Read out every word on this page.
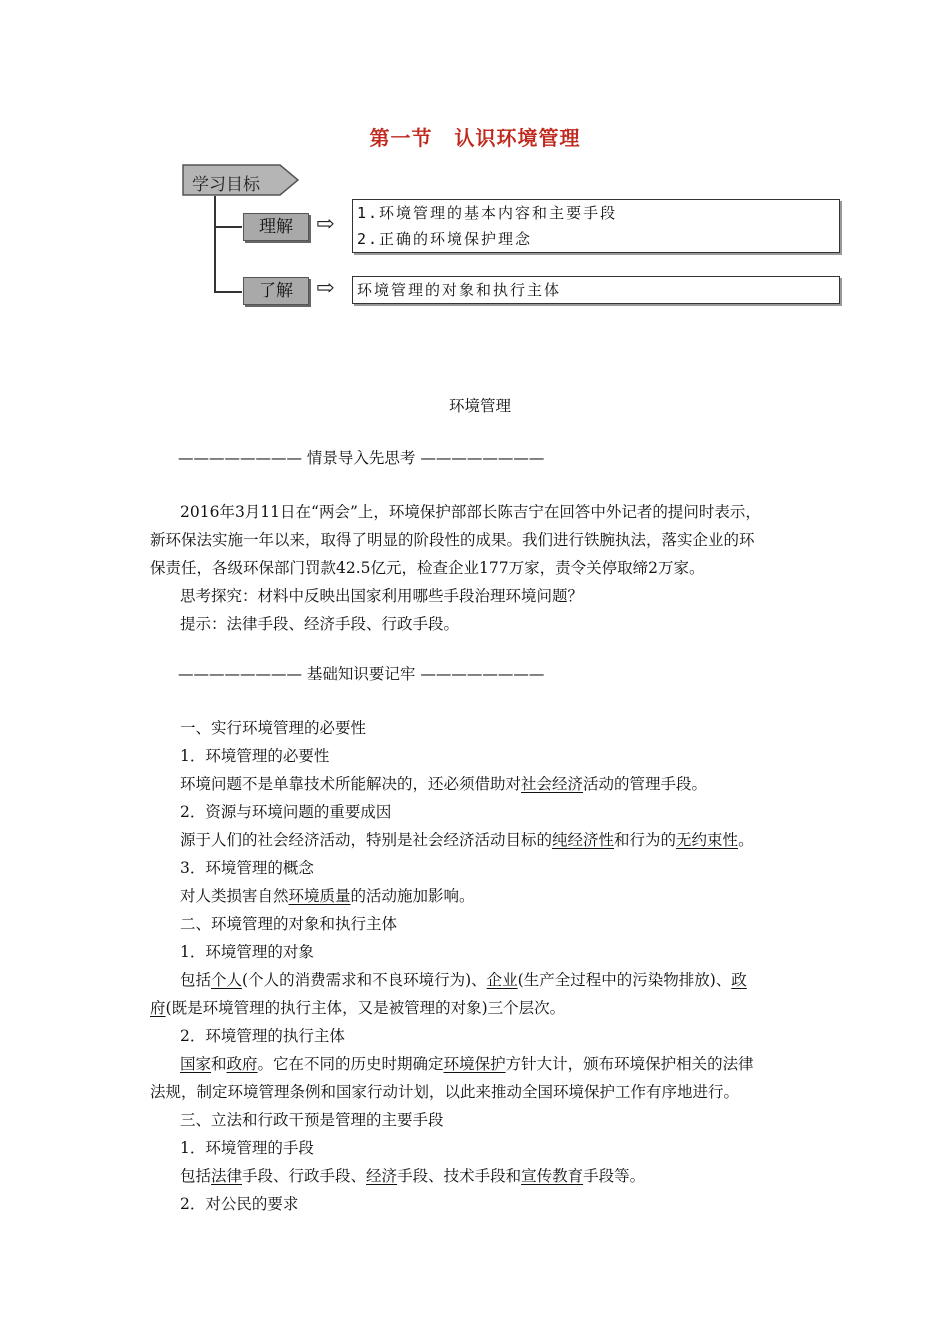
第一节 认识环境管理
学习目标
理解	⇨ 1.环境管理的基本内容和主要手段
2.正确的环境保护理念
了解	⇨ 环境管理的对象和执行主体
环境管理
———————— 情景导入先思考 ————————
2016年3月11日在“两会”上，环境保护部部长陈吉宁在回答中外记者的提问时表示，
新环保法实施一年以来，取得了明显的阶段性的成果。我们进行铁腕执法，落实企业的环
保责任，各级环保部门罚款42.5亿元，检查企业177万家，责令关停取缔2万家。
思考探究：材料中反映出国家利用哪些手段治理环境问题？
提示：法律手段、经济手段、行政手段。
———————— 基础知识要记牢 ————————
一、实行环境管理的必要性
1．环境管理的必要性
环境问题不是单靠技术所能解决的，还必须借助对社会经济活动的管理手段。
2．资源与环境问题的重要成因
源于人们的社会经济活动，特别是社会经济活动目标的纯经济性和行为的无约束性。
3．环境管理的概念
对人类损害自然环境质量的活动施加影响。
二、环境管理的对象和执行主体
1．环境管理的对象
包括个人(个人的消费需求和不良环境行为)、企业(生产全过程中的污染物排放)、政
府(既是环境管理的执行主体，又是被管理的对象)三个层次。
2．环境管理的执行主体
国家和政府。它在不同的历史时期确定环境保护方针大计，颁布环境保护相关的法律
法规，制定环境管理条例和国家行动计划，以此来推动全国环境保护工作有序地进行。
三、立法和行政干预是管理的主要手段
1．环境管理的手段
包括法律手段、行政手段、经济手段、技术手段和宣传教育手段等。
2．对公民的要求
